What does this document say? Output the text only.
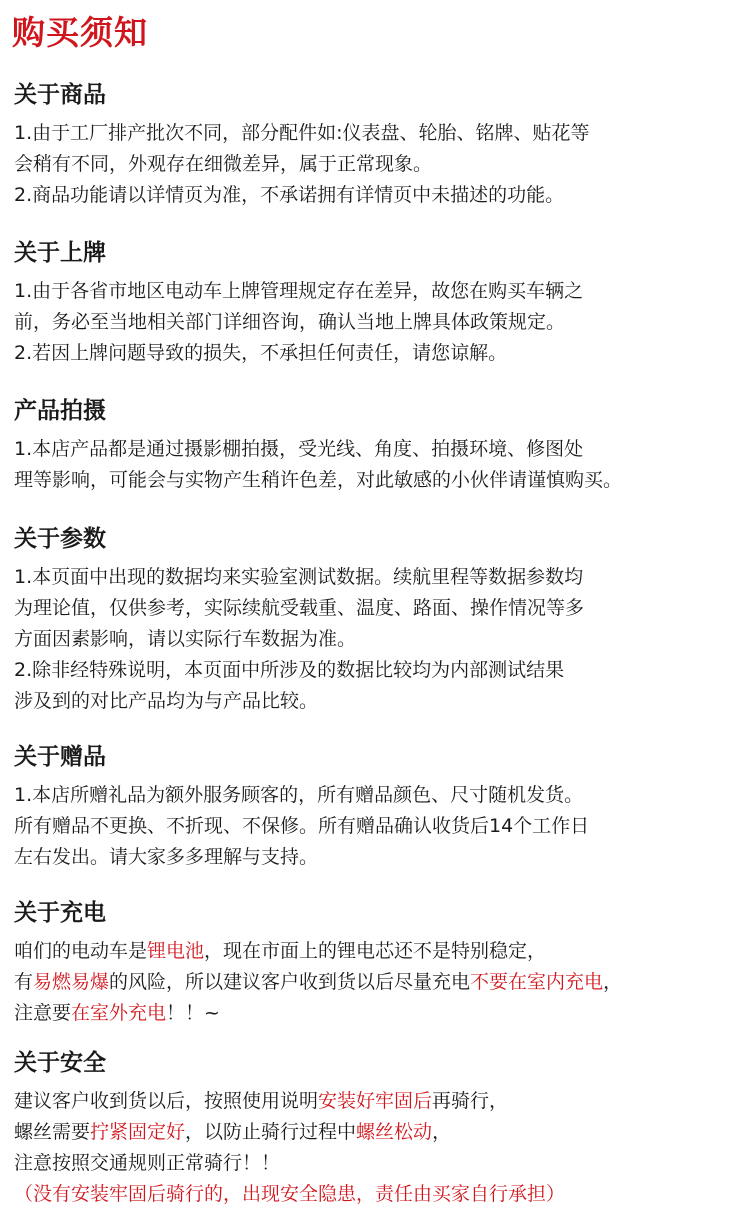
购买须知
关于商品
1.由于工厂排产批次不同，部分配件如:仪表盘、轮胎、铭牌、贴花等
会稍有不同，外观存在细微差异，属于正常现象。
2.商品功能请以详情页为准，不承诺拥有详情页中未描述的功能。
关于上牌
1.由于各省市地区电动车上牌管理规定存在差异，故您在购买车辆之
前，务必至当地相关部门详细咨询，确认当地上牌具体政策规定。
2.若因上牌问题导致的损失，不承担任何责任，请您谅解。
产品拍摄
1.本店产品都是通过摄影棚拍摄，受光线、角度、拍摄环境、修图处
理等影响，可能会与实物产生稍许色差，对此敏感的小伙伴请谨慎购买。
关于参数
1.本页面中出现的数据均来实验室测试数据。续航里程等数据参数均
为理论值，仅供参考，实际续航受载重、温度、路面、操作情况等多
方面因素影响，请以实际行车数据为准。
2.除非经特殊说明，本页面中所涉及的数据比较均为内部测试结果
涉及到的对比产品均为与产品比较。
关于赠品
1.本店所赠礼品为额外服务顾客的，所有赠品颜色、尺寸随机发货。
所有赠品不更换、不折现、不保修。所有赠品确认收货后14个工作日
左右发出。请大家多多理解与支持。
关于充电
咱们的电动车是锂电池，现在市面上的锂电芯还不是特别稳定，
有易燃易爆的风险，所以建议客户收到货以后尽量充电不要在室内充电，
注意要在室外充电！！~
关于安全
建议客户收到货以后，按照使用说明安装好牢固后再骑行，
螺丝需要拧紧固定好，以防止骑行过程中螺丝松动，
注意按照交通规则正常骑行！！
（没有安装牢固后骑行的，出现安全隐患，责任由买家自行承担）
